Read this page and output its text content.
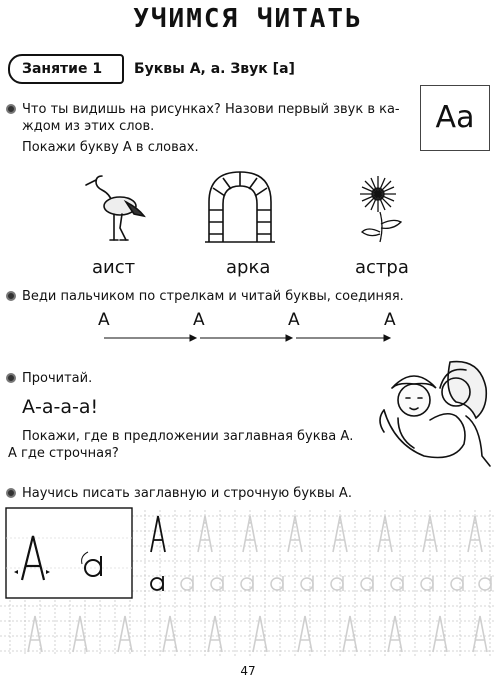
УЧИМСЯ ЧИТАТЬ
Занятие 1 Буквы А, а. Звук [а]
Что ты видишь на рисунках? Назови первый звук в ка-
ждом из этих слов.
Покажи букву А в словах.
Аа
аист	арка	астра
Веди пальчиком по стрелкам и читай буквы, соединяя.
А	А	А	А
Прочитай.
А-а-а-а!
Покажи, где в предложении заглавная буква А.
А где строчная?
Научись писать заглавную и строчную буквы А.
47
